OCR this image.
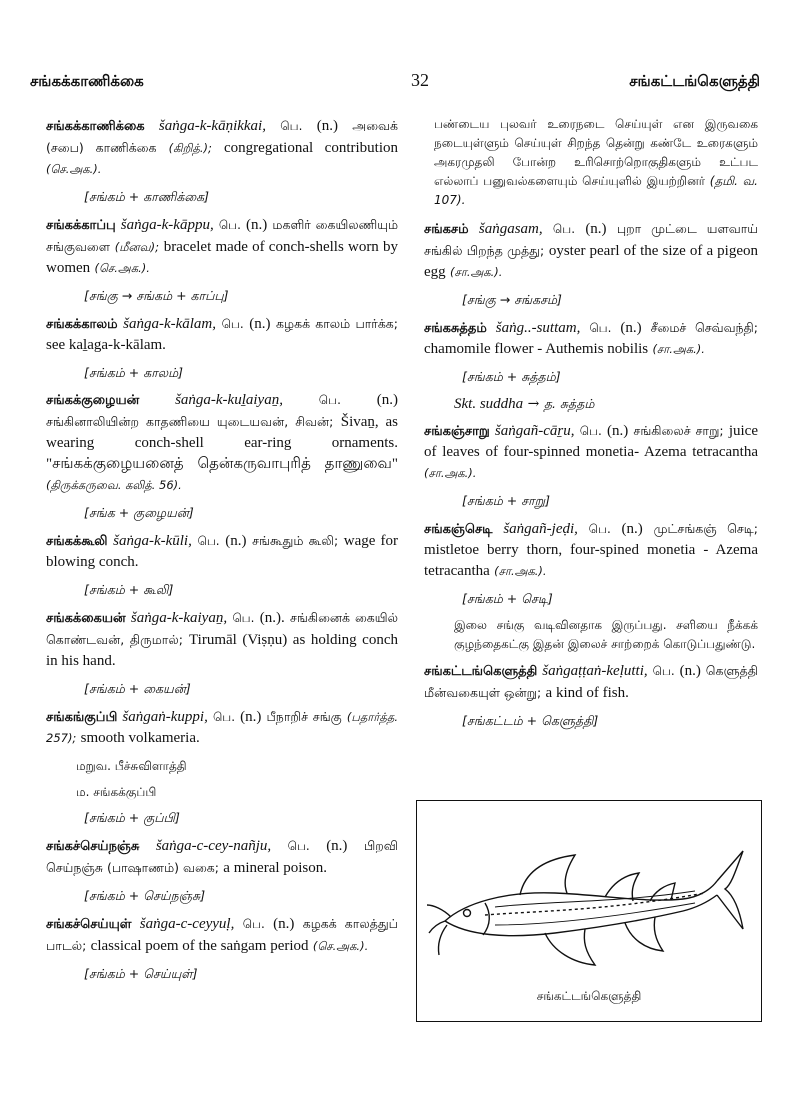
சங்கக்காணிக்கை	32	சங்கட்டங்கெளுத்தி
சங்கக்காணிக்கை šaṅga-k-kāṇikkai, பெ. (n.) அவைக் (சபை) காணிக்கை (கிறித்.); congregational contribution (செ.அக.).
[சங்கம் + காணிக்கை]
சங்கக்காப்பு šaṅga-k-kāppu, பெ. (n.) மகளிர் கையிலணியும் சங்குவளை (மீனவ); bracelet made of conch-shells worn by women (செ.அக.).
[சங்கு → சங்கம் + காப்பு]
சங்கக்காலம் šaṅga-k-kālam, பெ. (n.) கழகக் காலம் பார்க்க; see kaḻaga-k-kālam.
[சங்கம் + காலம்]
சங்கக்குழையன் šaṅga-k-kuḻaiyaṉ,	பெ. (n.) சங்கினாலியின்ற காதணியை யுடையவன், சிவன்; Šivaṉ, as wearing conch-shell ear-ring ornaments. "சங்கக்குழையனைத் தென்கருவாபுரித் தாணுவை" (திருக்கருவை. கலித். 56).
[சங்க + குழையன்]
சங்கக்கூலி šaṅga-k-kūli, பெ. (n.) சங்கூதும் கூலி; wage for blowing conch.
[சங்கம் + கூலி]
சங்கக்கையன் šaṅga-k-kaiyaṉ, பெ. (n.). சங்கினைக் கையில் கொண்டவன், திருமால்; Tirumāl (Viṣṇu) as holding conch in his hand.
[சங்கம் + கையன்]
சங்கங்குப்பி šaṅgaṅ-kuppi, பெ. (n.) பீநாறிச் சங்கு (பதார்த்த. 257); smooth volkameria.
மறுவ. பீச்சுவிளாத்தி
ம. சங்கக்குப்பி
[சங்கம் + குப்பி]
சங்கச்செய்நஞ்சு šaṅga-c-cey-nañju, பெ. (n.) பிறவி செய்நஞ்சு (பாஷாணம்) வகை; a mineral poison.
[சங்கம் + செய்நஞ்சு]
சங்கச்செய்யுள் šaṅga-c-ceyyuḷ, பெ. (n.) கழகக் காலத்துப் பாடல்; classical poem of the saṅgam period (செ.அக.).
[சங்கம் + செய்யுள்]
பண்டைய புலவர் உரைநடை செய்யுள் என இருவகை நடையுள்ளும் செய்யுள் சிறந்த தென்று கண்டே உரைகளும் அகரமுதலி போன்ற உரிசொற்றொகுதிகளும் உட்பட எல்லாப் பனுவல்களையும் செய்யுளில் இயற்றினர் (தமி. வ. 107).
சங்கசம் šaṅgasam, பெ. (n.) புறா முட்டை யளவாய் சங்கில் பிறந்த முத்து; oyster pearl of the size of a pigeon egg (சா.அக.).
[சங்கு → சங்கசம்]
சங்கசுத்தம் šaṅg..-suttam, பெ. (n.) சீமைச் செவ்வந்தி; chamomile flower - Authemis nobilis (சா.அக.).
[சங்கம் + சுத்தம்]
Skt. suddha → த. சுத்தம்
சங்கஞ்சாறு šaṅgañ-cāṟu, பெ. (n.) சங்கிலைச் சாறு; juice of leaves of four-spinned monetia- Azema tetracantha (சா.அக.).
[சங்கம் + சாறு]
சங்கஞ்செடி šaṅgañ-jeḍi, பெ. (n.) முட்சங்கஞ் செடி; mistletoe berry thorn, four-spined monetia - Azema tetracantha (சா.அக.).
[சங்கம் + செடி]
இலை சங்கு வடிவினதாக இருப்பது. சளியை நீக்கக் குழந்தைகட்கு இதன் இலைச் சாற்றைக் கொடுப்பதுண்டு.
சங்கட்டங்கெளுத்தி šaṅgaṭṭaṅ-keḷutti, பெ. (n.) கெளுத்தி மீன்வகையுள் ஒன்று; a kind of fish.
[சங்கட்டம் + கெளுத்தி]
சங்கட்டங்கெளுத்தி
